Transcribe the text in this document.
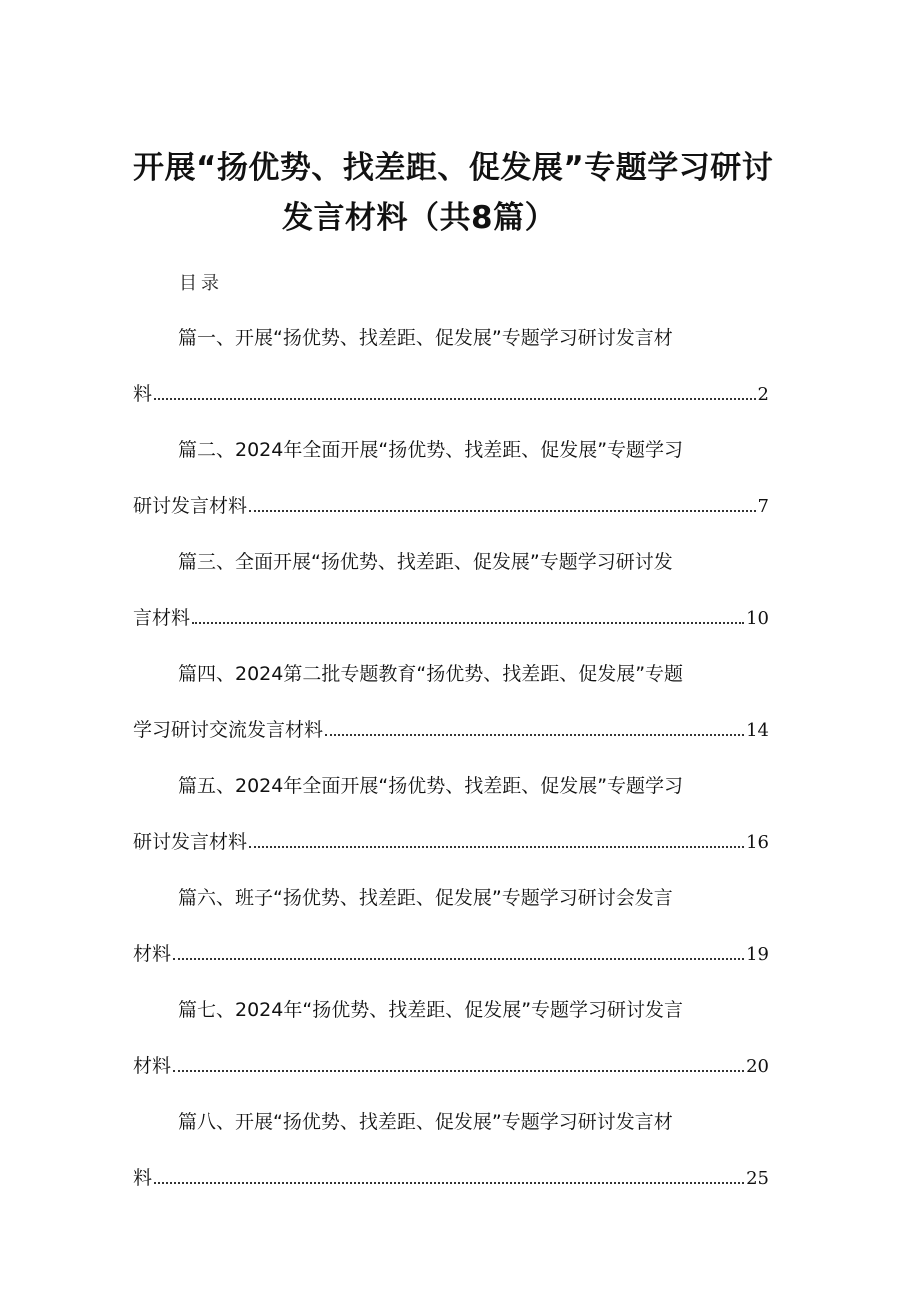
开展“扬优势、找差距、促发展”专题学习研讨
发言材料（共8篇）
目录
篇一、开展“扬优势、找差距、促发展”专题学习研讨发言材
料	2
篇二、2024年全面开展“扬优势、找差距、促发展”专题学习
研讨发言材料	7
篇三、全面开展“扬优势、找差距、促发展”专题学习研讨发
言材料	10
篇四、2024第二批专题教育“扬优势、找差距、促发展”专题
学习研讨交流发言材料	14
篇五、2024年全面开展“扬优势、找差距、促发展”专题学习
研讨发言材料	16
篇六、班子“扬优势、找差距、促发展”专题学习研讨会发言
材料	19
篇七、2024年“扬优势、找差距、促发展”专题学习研讨发言
材料	20
篇八、开展“扬优势、找差距、促发展”专题学习研讨发言材
料	25
